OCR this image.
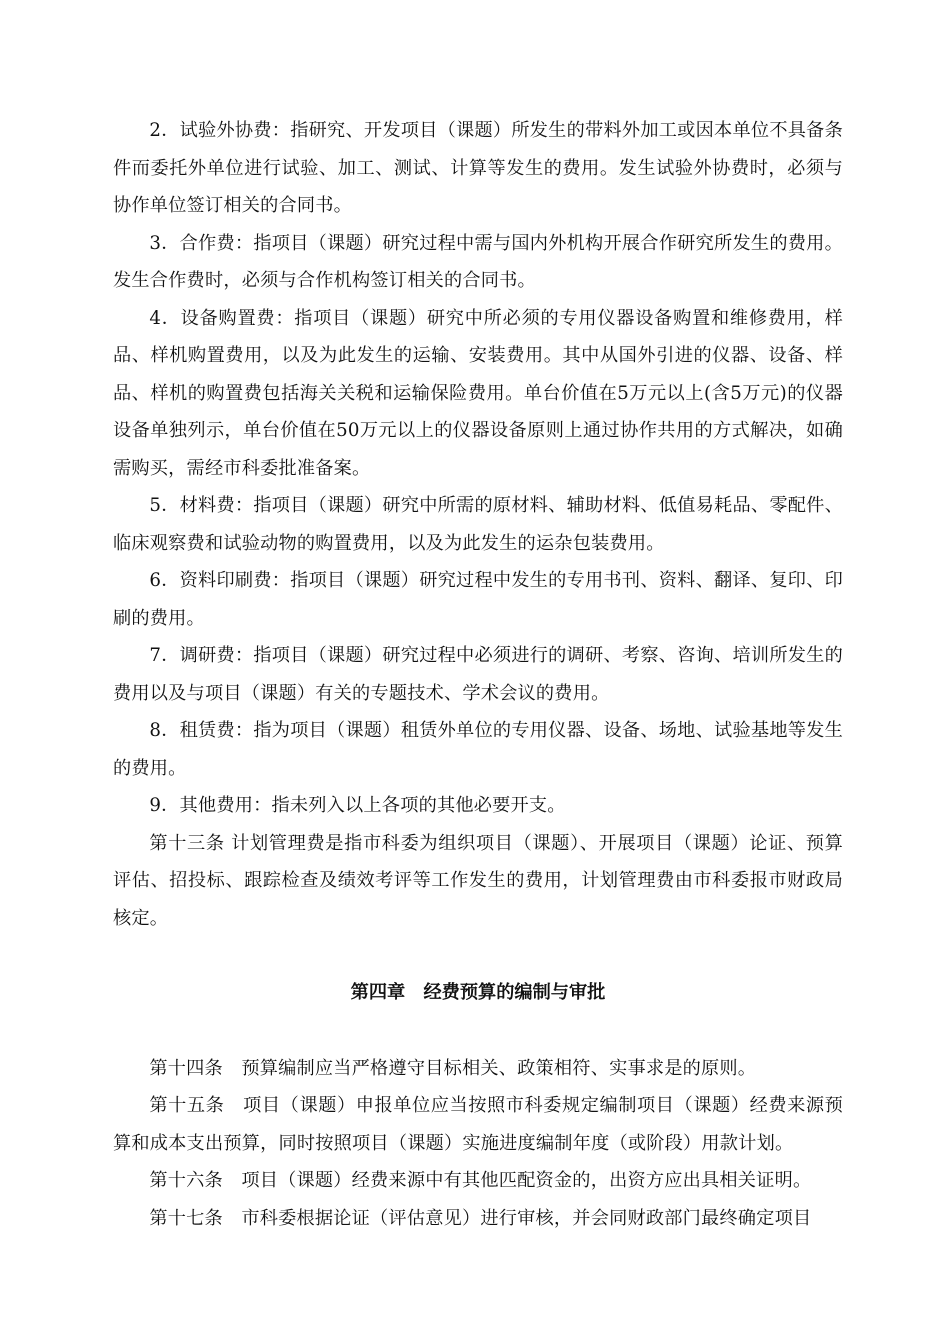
2．试验外协费：指研究、开发项目（课题）所发生的带料外加工或因本单位不具备条件而委托外单位进行试验、加工、测试、计算等发生的费用。发生试验外协费时，必须与协作单位签订相关的合同书。

3．合作费：指项目（课题）研究过程中需与国内外机构开展合作研究所发生的费用。发生合作费时，必须与合作机构签订相关的合同书。

4．设备购置费：指项目（课题）研究中所必须的专用仪器设备购置和维修费用，样品、样机购置费用，以及为此发生的运输、安装费用。其中从国外引进的仪器、设备、样品、样机的购置费包括海关关税和运输保险费用。单台价值在5万元以上(含5万元)的仪器设备单独列示，单台价值在50万元以上的仪器设备原则上通过协作共用的方式解决，如确需购买，需经市科委批准备案。

5．材料费：指项目（课题）研究中所需的原材料、辅助材料、低值易耗品、零配件、临床观察费和试验动物的购置费用，以及为此发生的运杂包装费用。

6．资料印刷费：指项目（课题）研究过程中发生的专用书刊、资料、翻译、复印、印刷的费用。

7．调研费：指项目（课题）研究过程中必须进行的调研、考察、咨询、培训所发生的费用以及与项目（课题）有关的专题技术、学术会议的费用。

8．租赁费：指为项目（课题）租赁外单位的专用仪器、设备、场地、试验基地等发生的费用。

9．其他费用：指未列入以上各项的其他必要开支。

第十三条 计划管理费是指市科委为组织项目（课题）、开展项目（课题）论证、预算评估、招投标、跟踪检查及绩效考评等工作发生的费用，计划管理费由市科委报市财政局核定。

第四章　 经费预算的编制与审批

第十四条　预算编制应当严格遵守目标相关、政策相符、实事求是的原则。

第十五条　项目（课题）申报单位应当按照市科委规定编制项目（课题）经费来源预算和成本支出预算，同时按照项目（课题）实施进度编制年度（或阶段）用款计划。

第十六条　项目（课题）经费来源中有其他匹配资金的，出资方应出具相关证明。

第十七条　市科委根据论证（评估意见）进行审核，并会同财政部门最终确定项目
